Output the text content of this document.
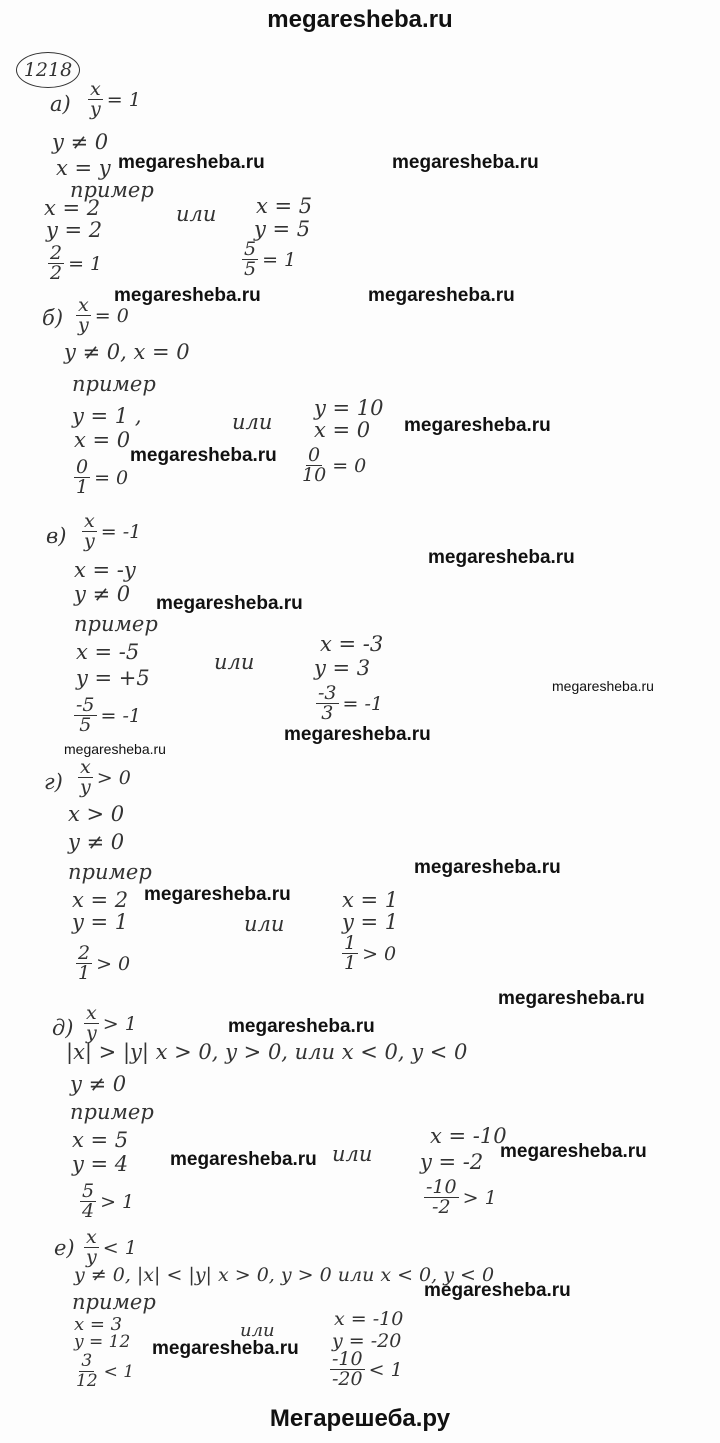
megaresheba.ru
Мегарешеба.ру
megaresheba.ru	megaresheba.ru
megaresheba.ru	megaresheba.ru
megaresheba.ru
megaresheba.ru
megaresheba.ru
megaresheba.ru
megaresheba.ru
megaresheba.ru
megaresheba.ru
megaresheba.ru
megaresheba.ru
megaresheba.ru
megaresheba.ru
megaresheba.ru
megaresheba.ru
megaresheba.ru
megaresheba.ru
1218
$а) \frac{x}{y} = 1$
y ≠ 0
x = y
пример
x = 2
y = 2
или x = 5
y = 5
$\frac{2}{2} = 1$	$\frac{5}{5} = 1$
$б) \frac{x}{y} = 0$
y ≠ 0, x = 0
пример
y = 1 ,
x = 0
или
y = 10
x = 0
$\frac{0}{1} = 0$	$\frac{0}{10} = 0$
$в) \frac{x}{y} = -1$
x = -y
y ≠ 0
пример
x = -5
y = +5
или
x = -3
y = 3
$\frac{-5}{5} = -1$	$\frac{-3}{3} = -1$
$г) \frac{x}{y} > 0$
x > 0
y ≠ 0
пример
x = 2
y = 1	или
x = 1
y = 1
$\frac{2}{1} > 0$	$\frac{1}{1} > 0$
$д) \frac{x}{y} > 1$
|x| > |y| x > 0, y > 0, или x < 0, y < 0
y ≠ 0
пример
x = 5
y = 4	или
x = -10
y = -2
$\frac{5}{4} > 1$	$\frac{-10}{-2} > 1$
$е) \frac{x}{y} < 1$
y ≠ 0, |x| < |y| x > 0, y > 0 или x < 0, y < 0
пример
x = 3
y = 12
или
x = -10
y = -20
$\frac{3}{12} < 1$	$\frac{-10}{-20} < 1$
